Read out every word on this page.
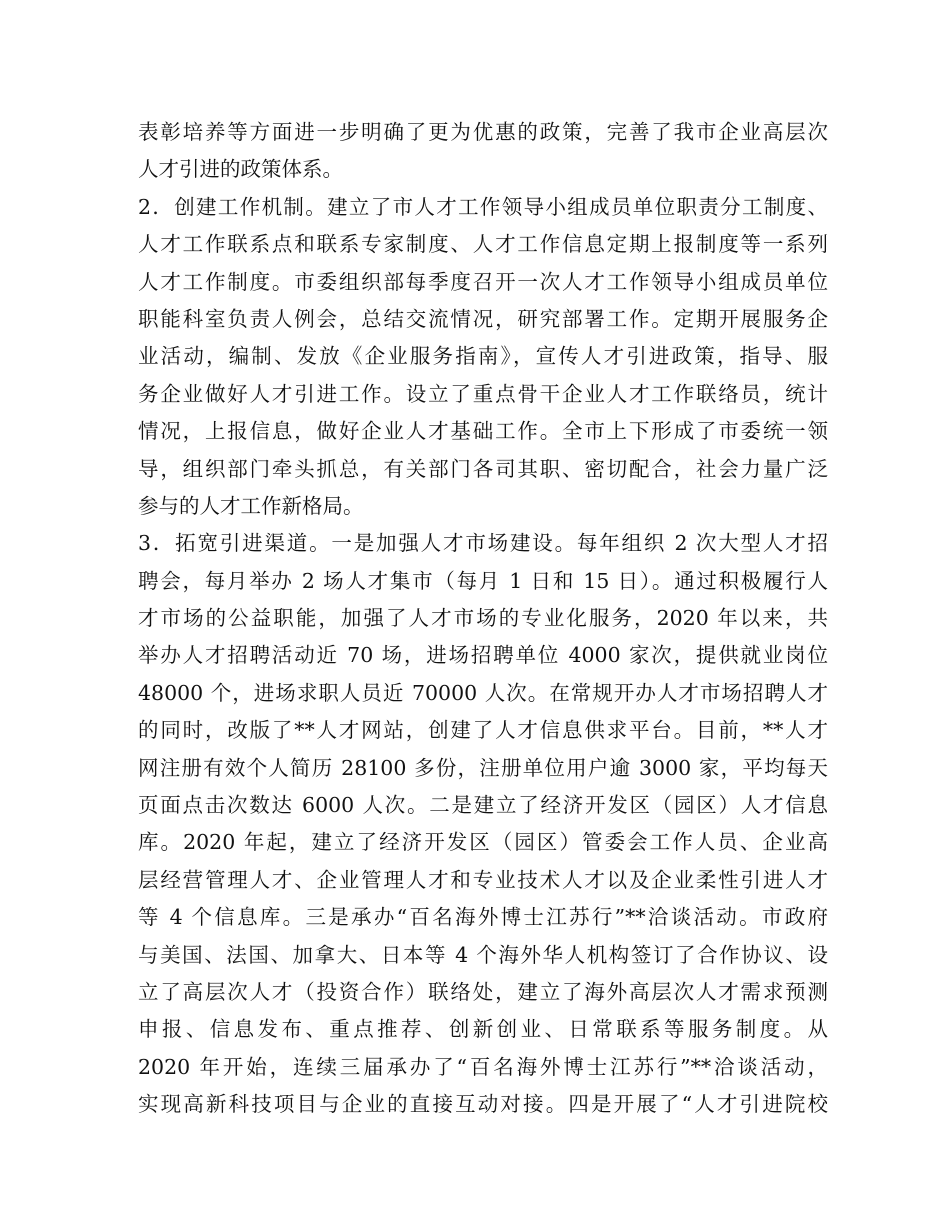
表彰培养等方面进一步明确了更为优惠的政策，完善了我市企业高层次
人才引进的政策体系。
2．创建工作机制。建立了市人才工作领导小组成员单位职责分工制度、
人才工作联系点和联系专家制度、人才工作信息定期上报制度等一系列
人才工作制度。市委组织部每季度召开一次人才工作领导小组成员单位
职能科室负责人例会，总结交流情况，研究部署工作。定期开展服务企
业活动，编制、发放《企业服务指南》，宣传人才引进政策，指导、服
务企业做好人才引进工作。设立了重点骨干企业人才工作联络员，统计
情况，上报信息，做好企业人才基础工作。全市上下形成了市委统一领
导，组织部门牵头抓总，有关部门各司其职、密切配合，社会力量广泛
参与的人才工作新格局。
3．拓宽引进渠道。一是加强人才市场建设。每年组织 2 次大型人才招
聘会，每月举办 2 场人才集市（每月 1 日和 15 日）。通过积极履行人
才市场的公益职能，加强了人才市场的专业化服务，2020 年以来，共
举办人才招聘活动近 70 场，进场招聘单位 4000 家次，提供就业岗位
48000 个，进场求职人员近 70000 人次。在常规开办人才市场招聘人才
的同时，改版了**人才网站，创建了人才信息供求平台。目前，**人才
网注册有效个人简历 28100 多份，注册单位用户逾 3000 家，平均每天
页面点击次数达 6000 人次。二是建立了经济开发区（园区）人才信息
库。2020 年起，建立了经济开发区（园区）管委会工作人员、企业高
层经营管理人才、企业管理人才和专业技术人才以及企业柔性引进人才
等 4 个信息库。三是承办“百名海外博士江苏行”**洽谈活动。市政府
与美国、法国、加拿大、日本等 4 个海外华人机构签订了合作协议、设
立了高层次人才（投资合作）联络处，建立了海外高层次人才需求预测
申报、信息发布、重点推荐、创新创业、日常联系等服务制度。从
2020 年开始，连续三届承办了“百名海外博士江苏行”**洽谈活动，
实现高新科技项目与企业的直接互动对接。四是开展了“人才引进院校
